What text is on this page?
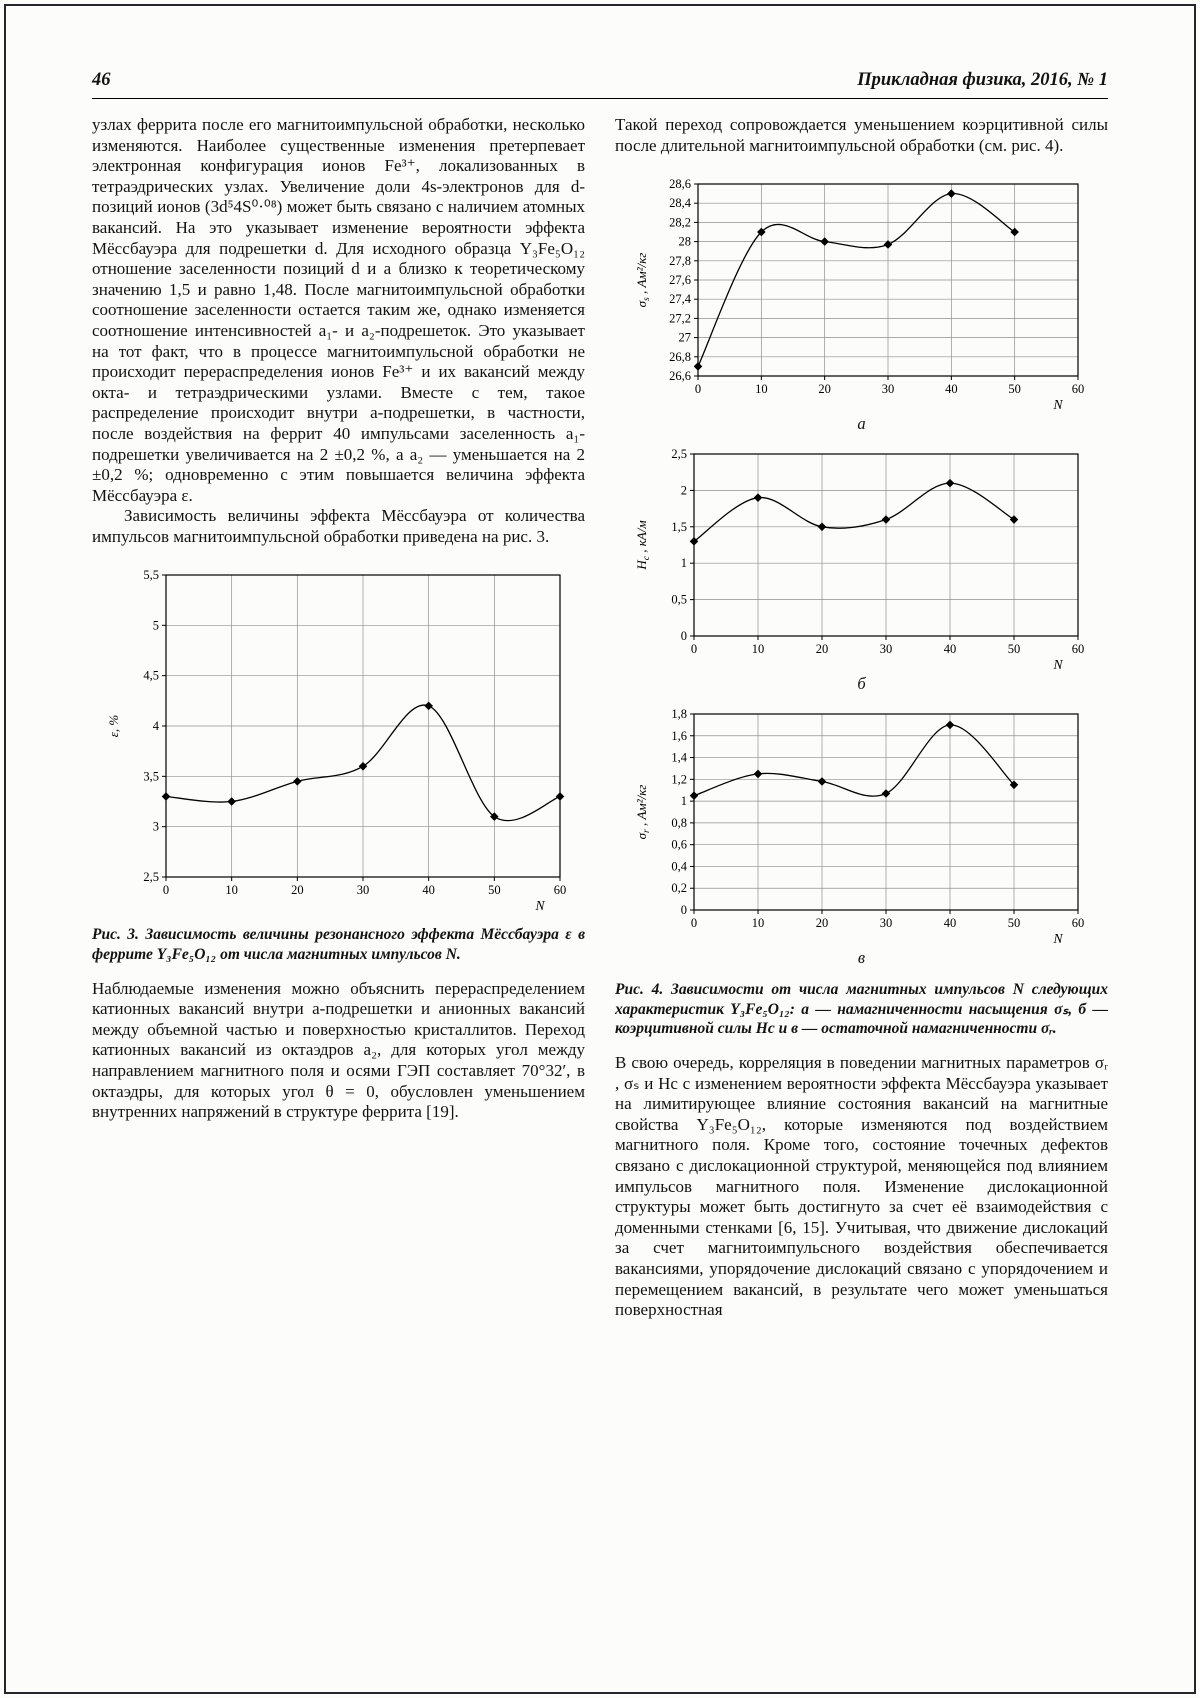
46	Прикладная физика, 2016, № 1

узлах феррита после его магнитоимпульсной обработки, несколько изменяются. Наиболее существенные изменения претерпевает электронная конфигурация ионов Fe³⁺, локализованных в тетраэдрических узлах. Увеличение доли 4s-электронов для d-позиций ионов (3d⁵4S⁰·⁰⁸) может быть связано с наличием атомных вакансий. На это указывает изменение вероятности эффекта Мёссбауэра для подрешетки d. Для исходного образца Y₃Fe₅O₁₂ отношение заселенности позиций d и а близко к теоретическому значению 1,5 и равно 1,48. После магнитоимпульсной обработки соотношение заселенности остается таким же, однако изменяется соотношение интенсивностей а₁- и а₂-подрешеток. Это указывает на тот факт, что в процессе магнитоимпульсной обработки не происходит перераспределения ионов Fe³⁺ и их вакансий между окта- и тетраэдрическими узлами. Вместе с тем, такое распределение происходит внутри а-подрешетки, в частности, после воздействия на феррит 40 импульсами заселенность а₁-подрешетки увеличивается на 2 ±0,2 %, а а₂ — уменьшается на 2 ±0,2 %; одновременно с этим повышается величина эффекта Мёссбауэра ε.

Зависимость величины эффекта Мёссбауэра от количества импульсов магнитоимпульсной обработки приведена на рис. 3.

2,5
3
3,5
4
4,5
5
5,5
0	10	20	30	40	50	60
ε, %
N
Рис. 3. Зависимость величины резонансного эффекта Мёссбауэра ε в феррите Y₃Fe₅O₁₂ от числа магнитных импульсов N.

Наблюдаемые изменения можно объяснить перераспределением катионных вакансий внутри а-подрешетки и анионных вакансий между объемной частью и поверхностью кристаллитов. Переход катионных вакансий из октаэдров а₂, для которых угол между направлением магнитного поля и осями ГЭП составляет 70°32′, в октаэдры, для которых угол θ = 0, обусловлен уменьшением внутренних напряжений в структуре феррита [19].

Такой переход сопровождается уменьшением коэрцитивной силы после длительной магнитоимпульсной обработки (см. рис. 4).

26,6
26,8
27
27,2
27,4
27,6
27,8
28
28,2
28,4
28,6
0	10	20	30	40	50	60
$\sigma_s$ , Ам²/кг
N
а
0
0,5
1
1,5
2
2,5
0	10	20	30	40	50	60
$H_c$ , кА/м
N
б
0
0,2
0,4
0,6
0,8
1
1,2
1,4
1,6
1,8
0	10	20	30	40	50	60
$\sigma_r$ , Ам²/кг
N
в
Рис. 4. Зависимости от числа магнитных импульсов N следующих характеристик Y₃Fe₅O₁₂: а — намагниченности насыщения σₛ, б — коэрцитивной силы Hc и в — остаточной намагниченности σᵣ.

В свою очередь, корреляция в поведении магнитных параметров σᵣ , σₛ и Hc с изменением вероятности эффекта Мёссбауэра указывает на лимитирующее влияние состояния вакансий на магнитные свойства Y₃Fe₅O₁₂, которые изменяются под воздействием магнитного поля. Кроме того, состояние точечных дефектов связано с дислокационной структурой, меняющейся под влиянием импульсов магнитного поля. Изменение дислокационной структуры может быть достигнуто за счет её взаимодействия с доменными стенками [6, 15]. Учитывая, что движение дислокаций за счет магнитоимпульсного воздействия обеспечивается вакансиями, упорядочение дислокаций связано с упорядочением и перемещением вакансий, в результате чего может уменьшаться поверхностная
